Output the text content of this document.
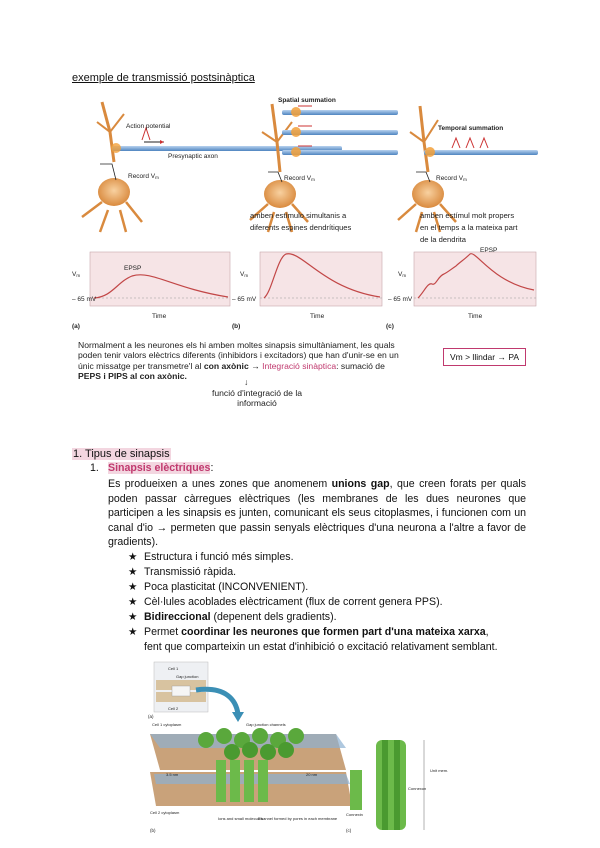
exemple de transmissió postsinàptica
Action potential
Presynaptic axon
Record Vm
Spatial summation
Record Vm
Temporal summation
Record Vm
amben estímulo simultanis a
diferents espines dendrítiques
amben estímul molt propers
en el temps a la mateixa part
de la dendrita
EPSP
Vm
– 65 mV
Time
(a)
Vm
– 65 mV
Time
(b)
EPSP
Vm
– 65 mV
Time
(c)
Normalment a les neurones els hi amben moltes sinapsis simultàniament, les quals
poden tenir valors elèctrics diferents (inhibidors i excitadors) que han d'unir-se en un
únic missatge per transmetre'l al con axònic → Integració sinàptica: sumació de
PEPS i PIPS al con axònic.
↓
funció d'integració de la
informació
Vm > llindar → PA
1. Tipus de sinapsis
1. Sinapsis elèctriques:
Es produeixen a unes zones que anomenem unions gap, que creen forats per quals poden passar càrregues elèctriques (les membranes de les dues neurones que participen a les sinapsis es junten, comunicant els seus citoplasmes, i funcionen com un canal d'io → permeten que passin senyals elèctriques d'una neurona a l'altre a favor de gradients).
★ Estructura i funció més simples.
★ Transmissió ràpida.
★ Poca plasticitat (INCONVENIENT).
★ Cèl·lules acoblades elèctricament (flux de corrent genera PPS).
★ Bidireccional (depenent dels gradients).
★ Permet coordinar les neurones que formen part d'una mateixa xarxa,
fent que comparteixin un estat d'inhibició o excitació relativament semblant.
Cell 1
Gap junction
Cell 2
(a)
Cell 1 cytoplasm	Gap junction channels
3.5 nm	20 nm
Cell 2 cytoplasm
Ions and small molecules
Channel formed by pores in each membrane
(b)
Connexin
Connexon
Unit mem.
(c)
